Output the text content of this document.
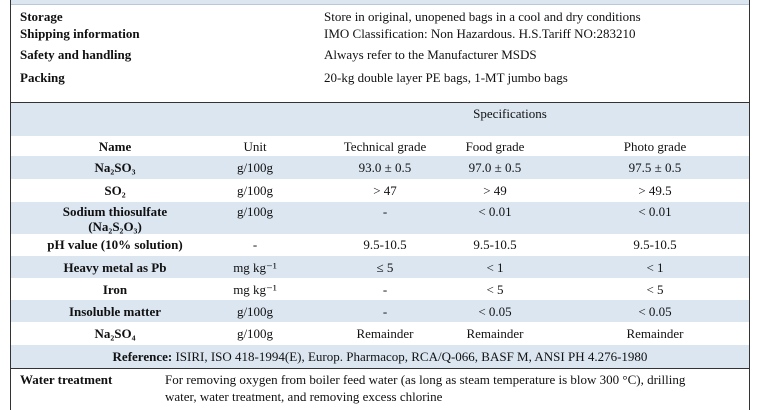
Storage	Store in original, unopened bags in a cool and dry conditions
Shipping information	IMO Classification: Non Hazardous. H.S.Tariff NO:283210
Safety and handling	Always refer to the Manufacturer MSDS
Packing	20-kg double layer PE bags, 1-MT jumbo bags
Specifications
Name	Unit	Technical grade	Food grade	Photo grade
Na₂SO₃	g/100g	93.0 ± 0.5	97.0 ± 0.5	97.5 ± 0.5
SO₂	g/100g	> 47	> 49	> 49.5
Sodium thiosulfate
(Na₂S₂O₃)
g/100g	-	< 0.01	< 0.01
pH value (10% solution)	-	9.5-10.5	9.5-10.5	9.5-10.5
Heavy metal as Pb	mg kg⁻¹	≤ 5	< 1	< 1
Iron	mg kg⁻¹	-	< 5	< 5
Insoluble matter	g/100g	-	< 0.05	< 0.05
Na₂SO₄	g/100g	Remainder	Remainder	Remainder
Reference: ISIRI, ISO 418-1994(E), Europ. Pharmacop, RCA/Q-066, BASF M, ANSI PH 4.276-1980
Water treatment	For removing oxygen from boiler feed water (as long as steam temperature is blow 300 °C), drilling
water, water treatment, and removing excess chlorine
